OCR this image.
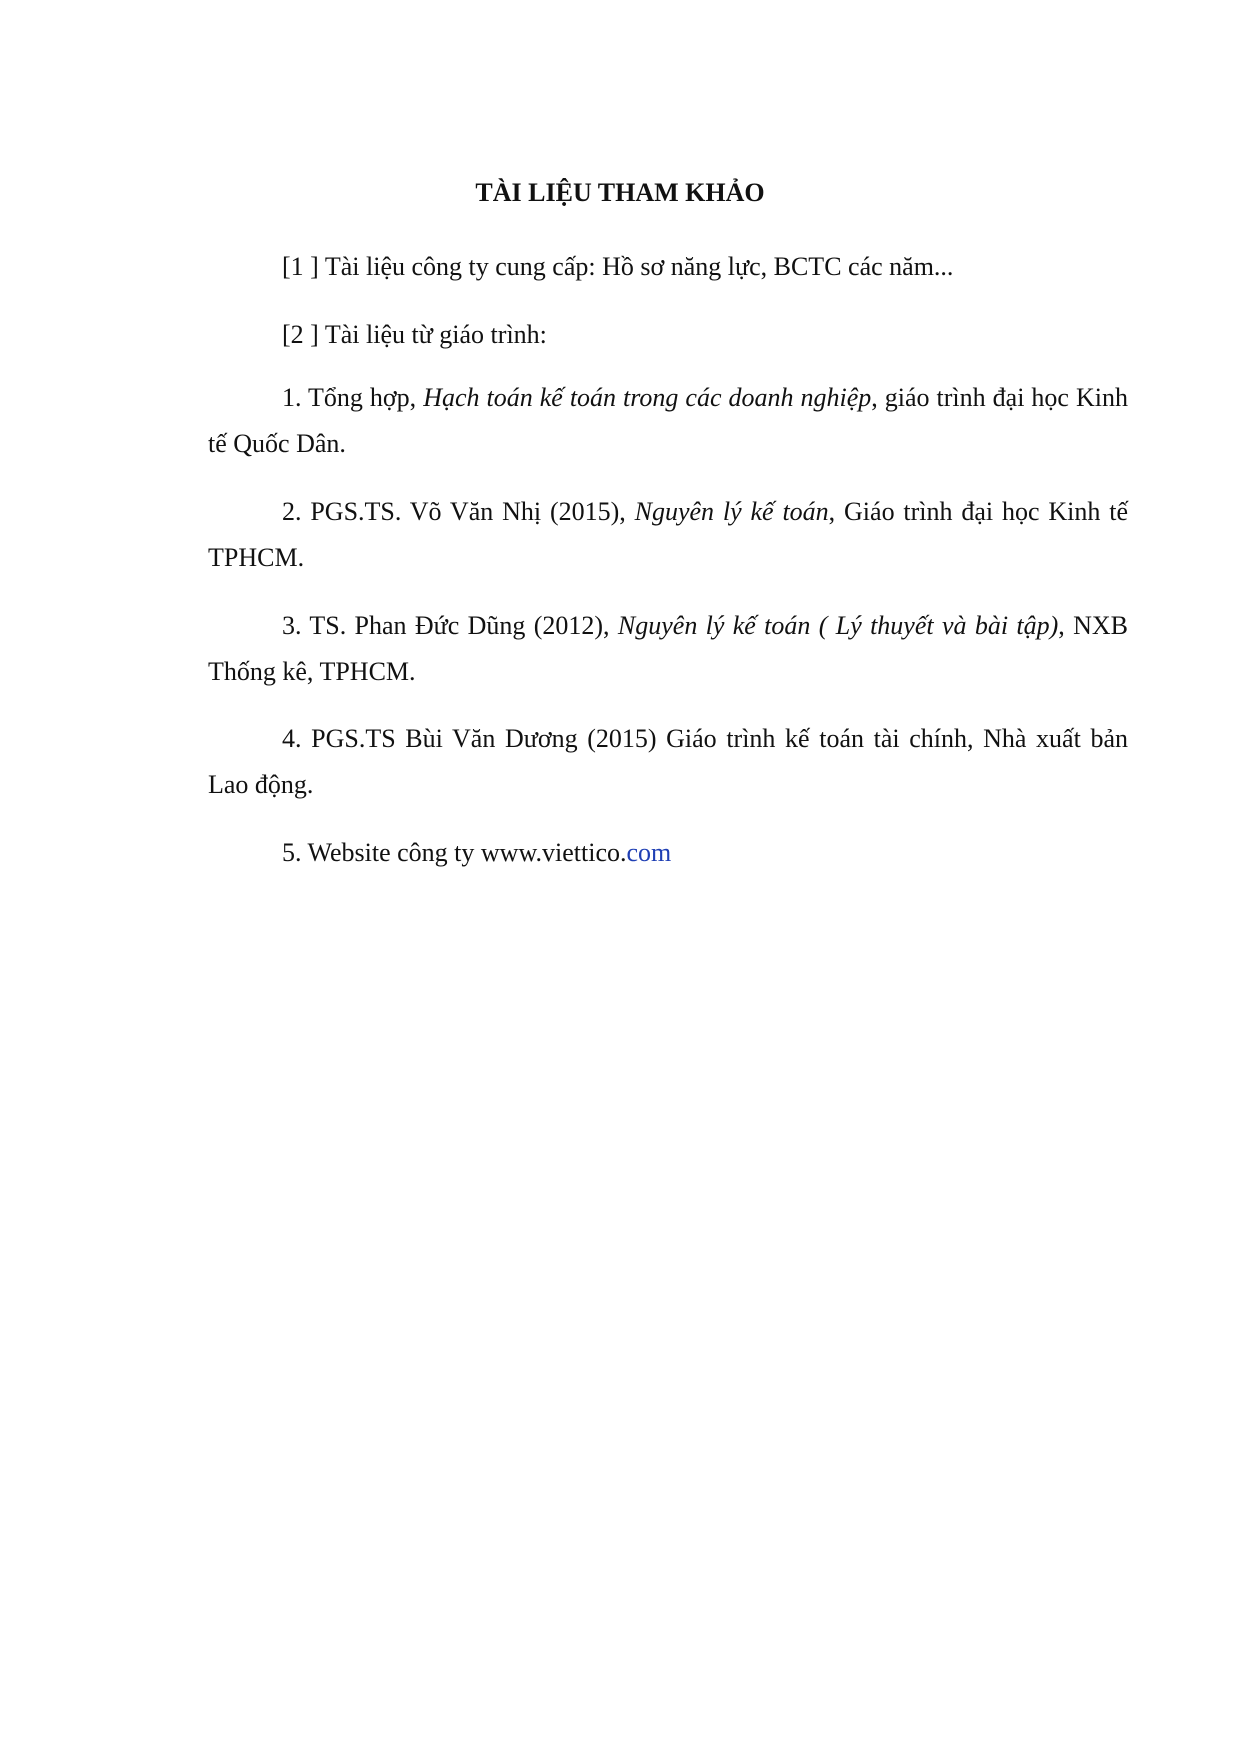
TÀI LIỆU THAM KHẢO

[1 ] Tài liệu công ty cung cấp: Hồ sơ năng lực, BCTC các năm...

[2 ] Tài liệu từ giáo trình:

1. Tổng hợp, Hạch toán kế toán trong các doanh nghiệp, giáo trình đại học Kinh tế Quốc Dân.

2. PGS.TS. Võ Văn Nhị (2015), Nguyên lý kế toán, Giáo trình đại học Kinh tế TPHCM.

3. TS. Phan Đức Dũng (2012), Nguyên lý kế toán ( Lý thuyết và bài tập), NXB Thống kê, TPHCM.

4. PGS.TS Bùi Văn Dương (2015) Giáo trình kế toán tài chính, Nhà xuất bản Lao động.

5. Website công ty www.viettico.com
